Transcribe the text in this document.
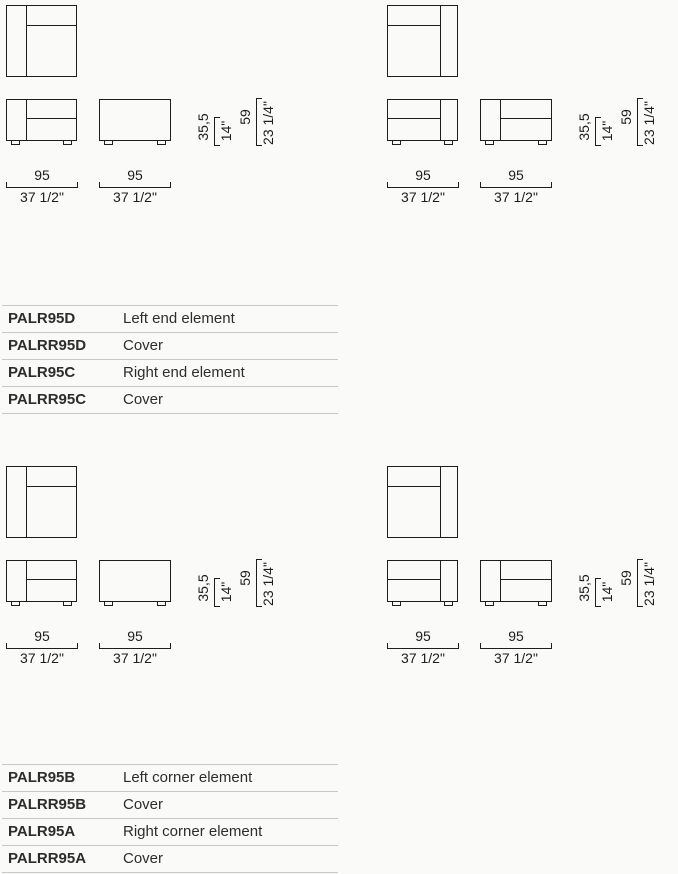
PALR95D	Left end element
PALRR95D Cover
PALR95C	Right end element
PALRR95C Cover
PALR95B	Left corner element
PALRR95B Cover
PALR95A	Right corner element
PALRR95A Cover
35,5 14"
59 23 1/4"
95
37 1/2"
95
37 1/2"
35,5 14"
59 23 1/4"
95
37 1/2"
95
37 1/2"
35,5 14"
59 23 1/4"
95
37 1/2"
95
37 1/2"
35,5 14"
59 23 1/4"
95
37 1/2"
95
37 1/2"
